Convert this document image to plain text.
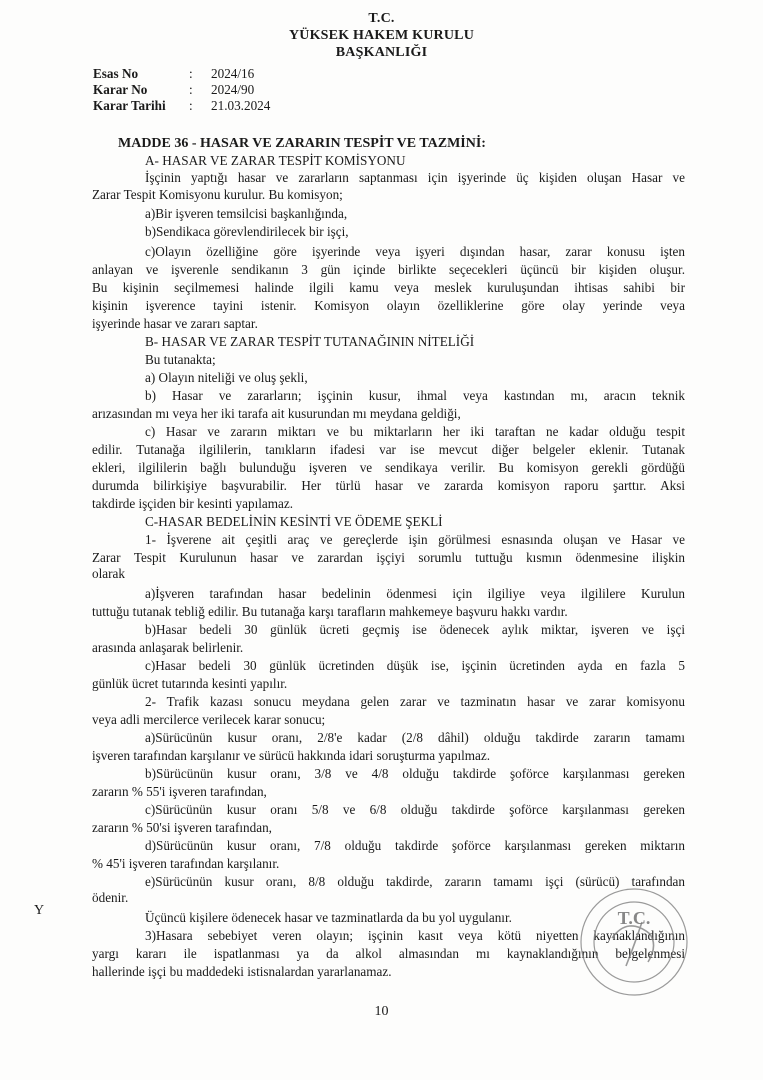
T.C.
YÜKSEK HAKEM KURULU
BAŞKANLIĞI
Esas No	:	2024/16
Karar No	:	2024/90
Karar Tarihi	:	21.03.2024
MADDE 36 - HASAR VE ZARARIN TESPİT VE TAZMİNİ:
A- HASAR VE ZARAR TESPİT KOMİSYONU
İşçinin yaptığı hasar ve zararların saptanması için işyerinde üç kişiden oluşan Hasar ve
Zarar Tespit Komisyonu kurulur. Bu komisyon;
a)Bir işveren temsilcisi başkanlığında,
b)Sendikaca görevlendirilecek bir işçi,
c)Olayın özelliğine göre işyerinde veya işyeri dışından hasar, zarar konusu işten
anlayan ve işverenle sendikanın 3 gün içinde birlikte seçecekleri üçüncü bir kişiden oluşur.
Bu kişinin seçilmemesi halinde ilgili kamu veya meslek kuruluşundan ihtisas sahibi bir
kişinin işverence tayini istenir. Komisyon olayın özelliklerine göre olay yerinde veya
işyerinde hasar ve zararı saptar.
B- HASAR VE ZARAR TESPİT TUTANAĞININ NİTELİĞİ
Bu tutanakta;
a) Olayın niteliği ve oluş şekli,
b) Hasar ve zararların; işçinin kusur, ihmal veya kastından mı, aracın teknik
arızasından mı veya her iki tarafa ait kusurundan mı meydana geldiği,
c) Hasar ve zararın miktarı ve bu miktarların her iki taraftan ne kadar olduğu tespit
edilir. Tutanağa ilgililerin, tanıkların ifadesi var ise mevcut diğer belgeler eklenir. Tutanak
ekleri, ilgililerin bağlı bulunduğu işveren ve sendikaya verilir. Bu komisyon gerekli gördüğü
durumda bilirkişiye başvurabilir. Her türlü hasar ve zararda komisyon raporu şarttır. Aksi
takdirde işçiden bir kesinti yapılamaz.
C-HASAR BEDELİNİN KESİNTİ VE ÖDEME ŞEKLİ
1- İşverene ait çeşitli araç ve gereçlerde işin görülmesi esnasında oluşan ve Hasar ve
Zarar Tespit Kurulunun hasar ve zarardan işçiyi sorumlu tuttuğu kısmın ödenmesine ilişkin
olarak
a)İşveren tarafından hasar bedelinin ödenmesi için ilgiliye veya ilgililere Kurulun
tuttuğu tutanak tebliğ edilir. Bu tutanağa karşı tarafların mahkemeye başvuru hakkı vardır.
b)Hasar bedeli 30 günlük ücreti geçmiş ise ödenecek aylık miktar, işveren ve işçi
arasında anlaşarak belirlenir.
c)Hasar bedeli 30 günlük ücretinden düşük ise, işçinin ücretinden ayda en fazla 5
günlük ücret tutarında kesinti yapılır.
2- Trafik kazası sonucu meydana gelen zarar ve tazminatın hasar ve zarar komisyonu
veya adli mercilerce verilecek karar sonucu;
a)Sürücünün kusur oranı, 2/8'e kadar (2/8 dâhil) olduğu takdirde zararın tamamı
işveren tarafından karşılanır ve sürücü hakkında idari soruşturma yapılmaz.
b)Sürücünün kusur oranı, 3/8 ve 4/8 olduğu takdirde şoförce karşılanması gereken
zararın % 55'i işveren tarafından,
c)Sürücünün kusur oranı 5/8 ve 6/8 olduğu takdirde şoförce karşılanması gereken
zararın % 50'si işveren tarafından,
d)Sürücünün kusur oranı, 7/8 olduğu takdirde şoförce karşılanması gereken miktarın
% 45'i işveren tarafından karşılanır.
e)Sürücünün kusur oranı, 8/8 olduğu takdirde, zararın tamamı işçi (sürücü) tarafından
ödenir.
Üçüncü kişilere ödenecek hasar ve tazminatlarda da bu yol uygulanır.
3)Hasara sebebiyet veren olayın; işçinin kasıt veya kötü niyetten kaynaklandığının
yargı kararı ile ispatlanması ya da alkol almasından mı kaynaklandığının belgelenmesi
hallerinde işçi bu maddedeki istisnalardan yararlanamaz.
Y	T.C.
10
